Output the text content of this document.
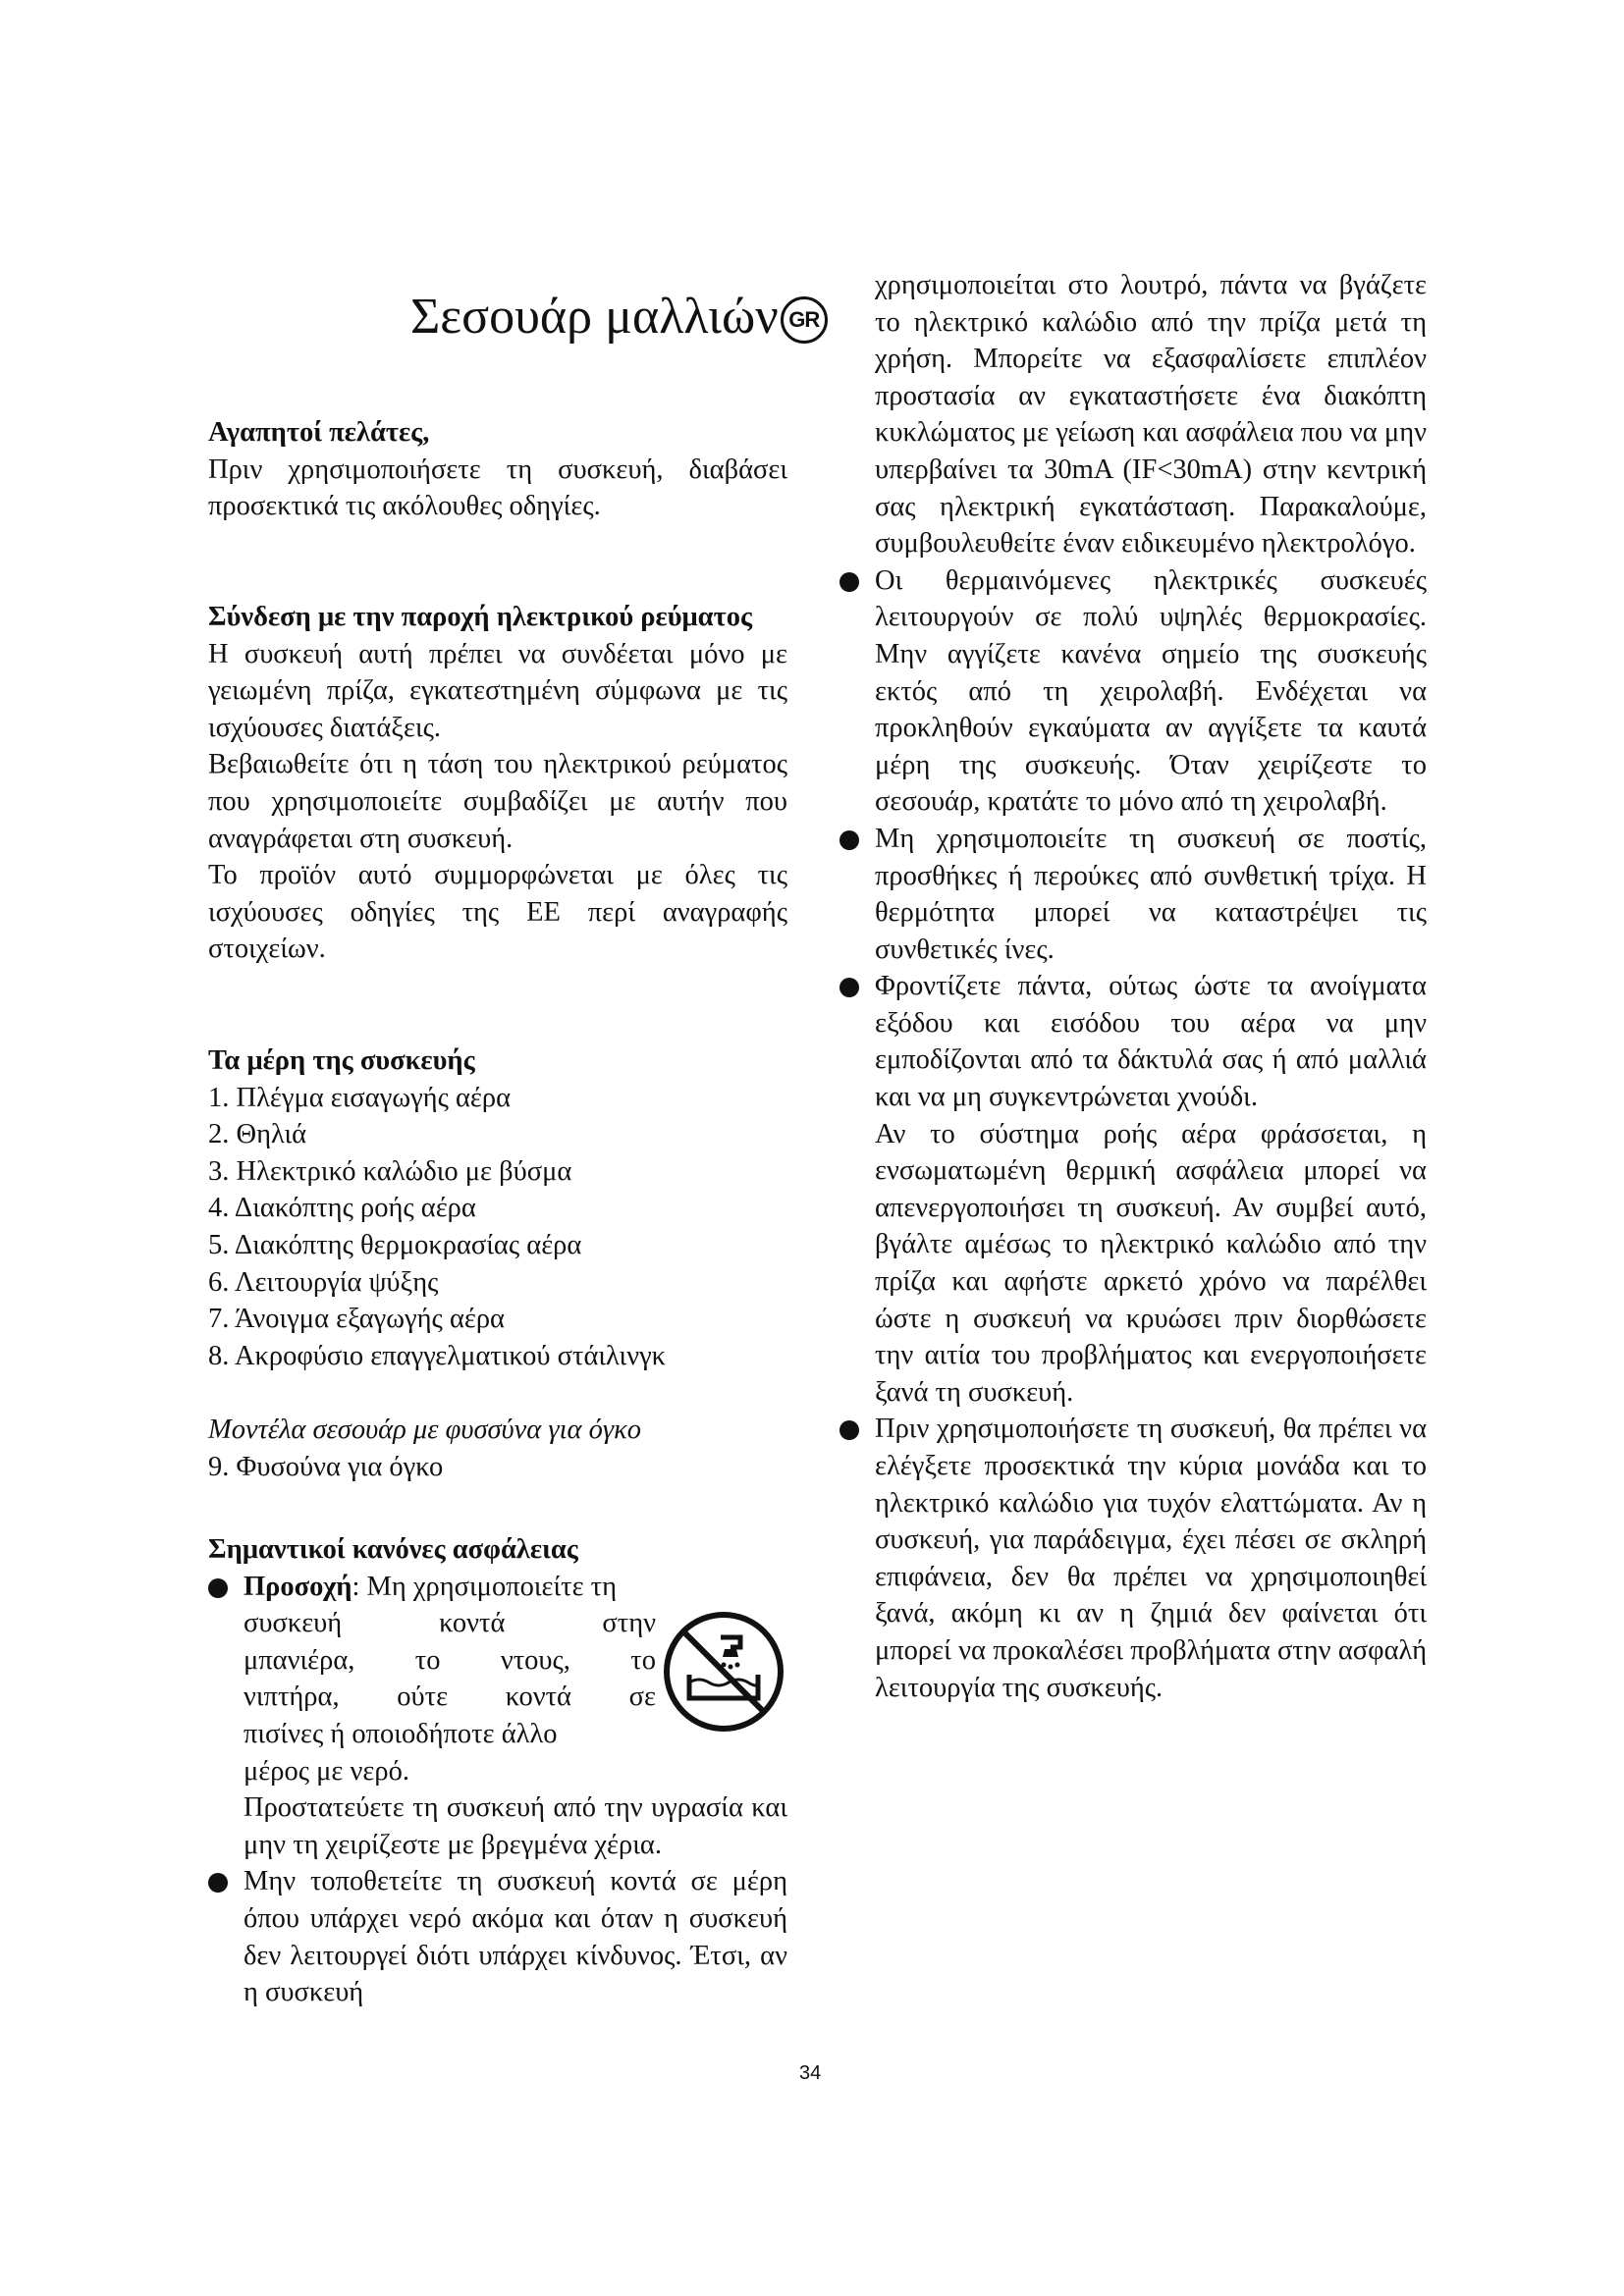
Σεσουάρ μαλλιών GR

Αγαπητοί πελάτες,

Πριν χρησιμοποιήσετε τη συσκευή, διαβάσει προσεκτικά τις ακόλουθες οδηγίες.

Σύνδεση με την παροχή ηλεκτρικού ρεύματος

Η συσκευή αυτή πρέπει να συνδέεται μόνο με γειωμένη πρίζα, εγκατεστημένη σύμφωνα με τις ισχύουσες διατάξεις.

Βεβαιωθείτε ότι η τάση του ηλεκτρικού ρεύματος που χρησιμοποιείτε συμβαδίζει με αυτήν που αναγράφεται στη συσκευή.

Το προϊόν αυτό συμμορφώνεται με όλες τις ισχύουσες οδηγίες της ΕΕ περί αναγραφής στοιχείων.

Τα μέρη της συσκευής

1. Πλέγμα εισαγωγής αέρα

2. Θηλιά

3. Ηλεκτρικό καλώδιο με βύσμα

4. Διακόπτης ροής αέρα

5. Διακόπτης θερμοκρασίας αέρα

6. Λειτουργία ψύξης

7. Άνοιγμα εξαγωγής αέρα

8. Ακροφύσιο επαγγελματικού στάιλινγκ

Μοντέλα σεσουάρ με φυσσύνα για όγκο

9. Φυσούνα για όγκο

Σημαντικοί κανόνες ασφάλειας

Προσοχή: Μη χρησιμοποιείτε τη

συσκευή κοντά στην

μπανιέρα, το ντους, το

νιπτήρα, ούτε κοντά σε

πισίνες ή οποιοδήποτε άλλο

μέρος με νερό.

Προστατεύετε τη συσκευή από την υγρασία και μην τη χειρίζεστε με βρεγμένα χέρια.

Μην τοποθετείτε τη συσκευή κοντά σε μέρη όπου υπάρχει νερό ακόμα και όταν η συσκευή δεν λειτουργεί διότι υπάρχει κίνδυνος. Έτσι, αν η συσκευή

χρησιμοποιείται στο λουτρό, πάντα να βγάζετε το ηλεκτρικό καλώδιο από την πρίζα μετά τη χρήση. Μπορείτε να εξασφαλίσετε επιπλέον προστασία αν εγκαταστήσετε ένα διακόπτη κυκλώματος με γείωση και ασφάλεια που να μην υπερβαίνει τα 30mA (IF<30mA) στην κεντρική σας ηλεκτρική εγκατάσταση. Παρακαλούμε, συμβουλευθείτε έναν ειδικευμένο ηλεκτρολόγο.

Οι θερμαινόμενες ηλεκτρικές συσκευές λειτουργούν σε πολύ υψηλές θερμοκρασίες. Μην αγγίζετε κανένα σημείο της συσκευής εκτός από τη χειρολαβή. Ενδέχεται να προκληθούν εγκαύματα αν αγγίξετε τα καυτά μέρη της συσκευής. Όταν χειρίζεστε το σεσουάρ, κρατάτε το μόνο από τη χειρολαβή.

Μη χρησιμοποιείτε τη συσκευή σε ποστίς, προσθήκες ή περούκες από συνθετική τρίχα. Η θερμότητα μπορεί να καταστρέψει τις συνθετικές ίνες.

Φροντίζετε πάντα, ούτως ώστε τα ανοίγματα εξόδου και εισόδου του αέρα να μην εμποδίζονται από τα δάκτυλά σας ή από μαλλιά και να μη συγκεντρώνεται χνούδι.

Αν το σύστημα ροής αέρα φράσσεται, η ενσωματωμένη θερμική ασφάλεια μπορεί να απενεργοποιήσει τη συσκευή. Αν συμβεί αυτό, βγάλτε αμέσως το ηλεκτρικό καλώδιο από την πρίζα και αφήστε αρκετό χρόνο να παρέλθει ώστε η συσκευή να κρυώσει πριν διορθώσετε την αιτία του προβλήματος και ενεργοποιήσετε ξανά τη συσκευή.

Πριν χρησιμοποιήσετε τη συσκευή, θα πρέπει να ελέγξετε προσεκτικά την κύρια μονάδα και το ηλεκτρικό καλώδιο για τυχόν ελαττώματα. Αν η συσκευή, για παράδειγμα, έχει πέσει σε σκληρή επιφάνεια, δεν θα πρέπει να χρησιμοποιηθεί ξανά, ακόμη κι αν η ζημιά δεν φαίνεται ότι μπορεί να προκαλέσει προβλήματα στην ασφαλή λειτουργία της συσκευής.

34
